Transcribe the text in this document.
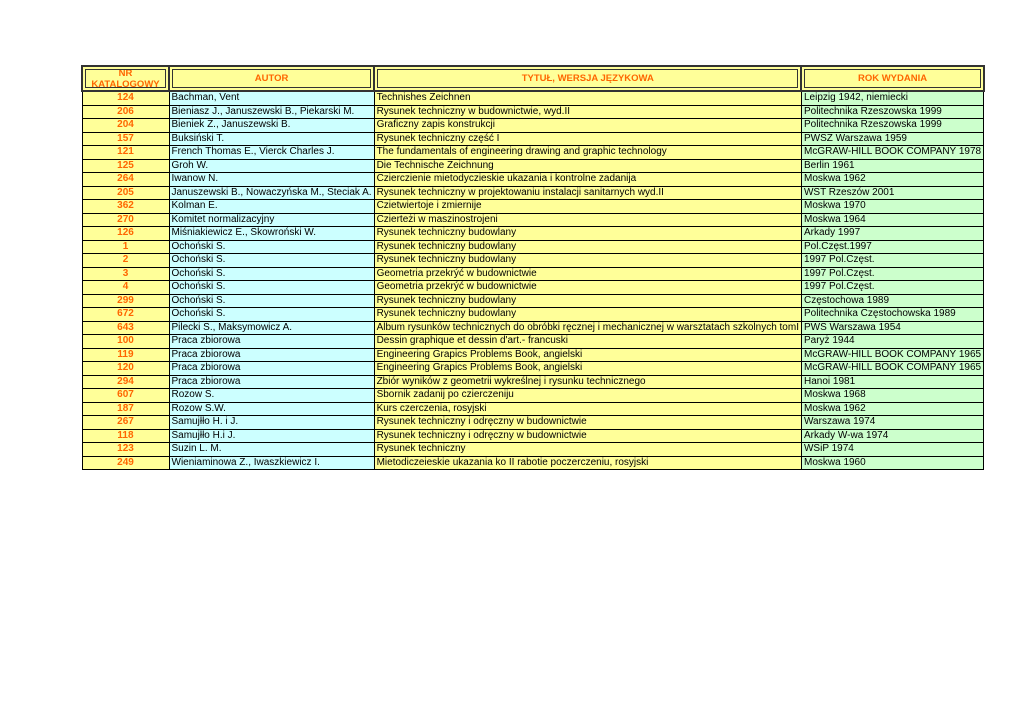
NR KATALOGOWY	AUTOR	TYTUŁ, WERSJA JĘZYKOWA	ROK WYDANIA
124	Bachman, Vent	Technishes Zeichnen	Leipzig 1942, niemiecki
206	Bieniasz J., Januszewski B., Piekarski M.	Rysunek techniczny w budownictwie, wyd.II	Politechnika Rzeszowska 1999
204	Bieniek Z., Januszewski B.	Graficzny zapis konstrukcji	Politechnika Rzeszowska 1999
157	Buksiński T.	Rysunek techniczny część I	PWSZ Warszawa 1959
121	French Thomas E., Vierck Charles J.	The fundamentals of engineering drawing and graphic technology	McGRAW-HILL BOOK COMPANY 1978
125	Groh W.	Die Technische Zeichnung	Berlin 1961
264	Iwanow N.	Czierczienie mietodyczieskie ukazania i kontrolne zadanija	Moskwa 1962
205	Januszewski B., Nowaczyńska M., Steciak A.	Rysunek techniczny w projektowaniu instalacji sanitarnych wyd.II	WST Rzeszów 2001
362	Kolman E.	Czietwiertoje i zmiernije	Moskwa 1970
270	Komitet normalizacyjny	Czierteżi w maszinostrojeni	Moskwa 1964
126	Miśniakiewicz E., Skowroński W.	Rysunek techniczny budowlany	Arkady 1997
1	Ochoński S.	Rysunek techniczny budowlany	Pol.Częst.1997
2	Ochoński S.	Rysunek techniczny budowlany	1997 Pol.Częst.
3	Ochoński S.	Geometria przekrýć w budownictwie	1997 Pol.Częst.
4	Ochoński S.	Geometria przekrýć w budownictwie	1997 Pol.Częst.
299	Ochoński S.	Rysunek techniczny budowlany	Częstochowa 1989
672	Ochoński S.	Rysunek techniczny budowlany	Politechnika Częstochowska 1989
643	Pilecki S., Maksymowicz A.	Album rysunków technicznych do obróbki ręcznej i mechanicznej w warsztatach szkolnych tomI	PWS Warszawa 1954
100	Praca zbiorowa	Dessin graphique et dessin d'art.- francuski	Paryż 1944
119	Praca zbiorowa	Engineering Grapics Problems Book, angielski	McGRAW-HILL BOOK COMPANY 1965
120	Praca zbiorowa	Engineering Grapics Problems Book, angielski	McGRAW-HILL BOOK COMPANY 1965
294	Praca zbiorowa	Zbiór wyników z geometrii wykreślnej i rysunku technicznego	Hanoi 1981
607	Rozow S.	Sbornik zadanij po czierczeniju	Moskwa 1968
187	Rozow S.W.	Kurs czerczenia, rosyjski	Moskwa 1962
267	Samujłło H. i J.	Rysunek techniczny i odręczny w budownictwie	Warszawa 1974
118	Samujłło H.i J.	Rysunek techniczny i odręczny w budownictwie	Arkady W-wa 1974
123	Suzin L. M.	Rysunek techniczny	WSiP 1974
249	Wieniaminowa Z., Iwaszkiewicz I.	Mietodiczeieskie ukazania ko II rabotie poczerczeniu, rosyjski	Moskwa 1960
